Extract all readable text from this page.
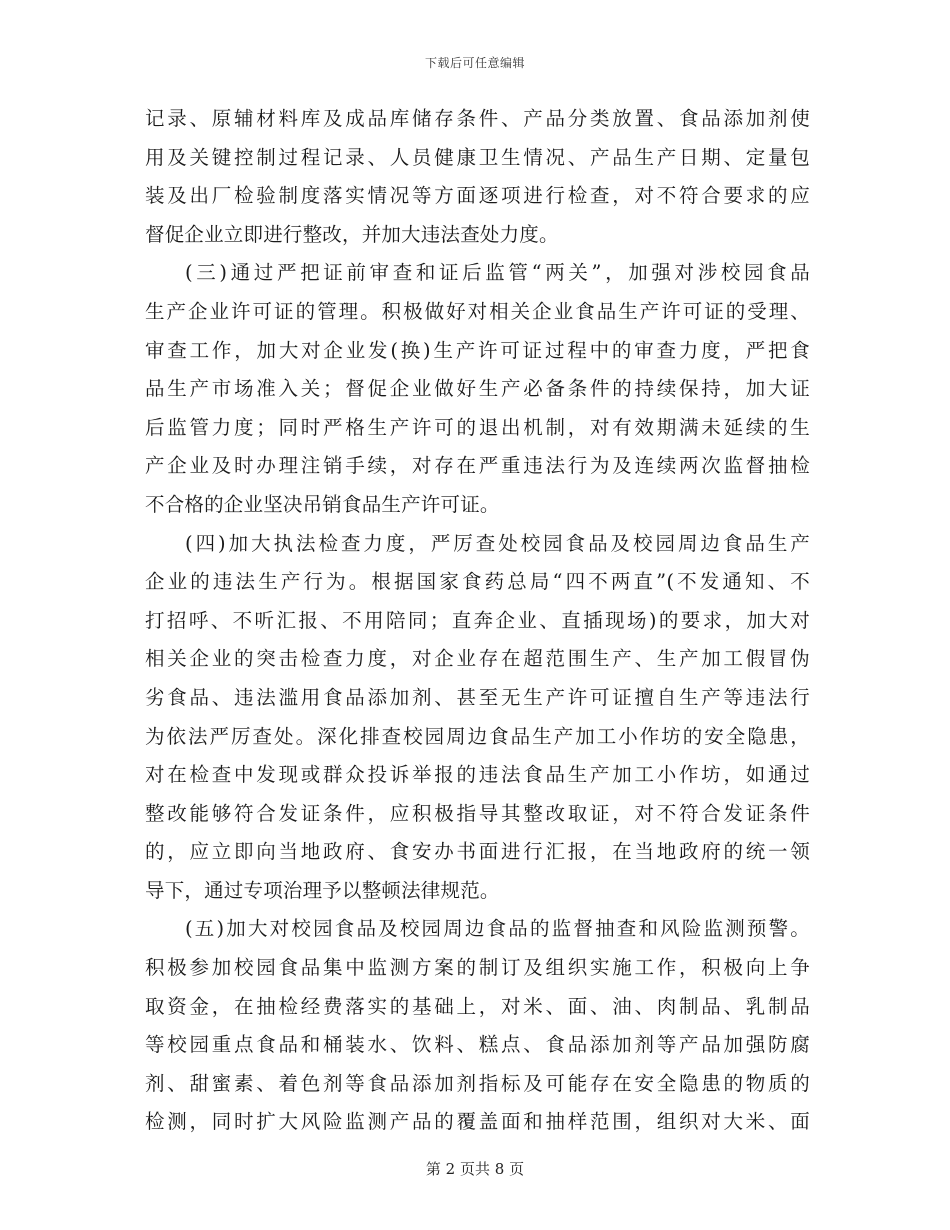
下载后可任意编辑
记录、原辅材料库及成品库储存条件、产品分类放置、食品添加剂使
用及关键控制过程记录、人员健康卫生情况、产品生产日期、定量包
装及出厂检验制度落实情况等方面逐项进行检查，对不符合要求的应
督促企业立即进行整改，并加大违法查处力度。
(三)通过严把证前审查和证后监管“两关”，加强对涉校园食品
生产企业许可证的管理。积极做好对相关企业食品生产许可证的受理、
审查工作，加大对企业发(换)生产许可证过程中的审查力度，严把食
品生产市场准入关；督促企业做好生产必备条件的持续保持，加大证
后监管力度；同时严格生产许可的退出机制，对有效期满未延续的生
产企业及时办理注销手续，对存在严重违法行为及连续两次监督抽检
不合格的企业坚决吊销食品生产许可证。
(四)加大执法检查力度，严厉查处校园食品及校园周边食品生产
企业的违法生产行为。根据国家食药总局“四不两直”(不发通知、不
打招呼、不听汇报、不用陪同；直奔企业、直插现场)的要求，加大对
相关企业的突击检查力度，对企业存在超范围生产、生产加工假冒伪
劣食品、违法滥用食品添加剂、甚至无生产许可证擅自生产等违法行
为依法严厉查处。深化排查校园周边食品生产加工小作坊的安全隐患，
对在检查中发现或群众投诉举报的违法食品生产加工小作坊，如通过
整改能够符合发证条件，应积极指导其整改取证，对不符合发证条件
的，应立即向当地政府、食安办书面进行汇报，在当地政府的统一领
导下，通过专项治理予以整顿法律规范。
(五)加大对校园食品及校园周边食品的监督抽查和风险监测预警。
积极参加校园食品集中监测方案的制订及组织实施工作，积极向上争
取资金，在抽检经费落实的基础上，对米、面、油、肉制品、乳制品
等校园重点食品和桶装水、饮料、糕点、食品添加剂等产品加强防腐
剂、甜蜜素、着色剂等食品添加剂指标及可能存在安全隐患的物质的
检测，同时扩大风险监测产品的覆盖面和抽样范围，组织对大米、面
第 2 页共 8 页
